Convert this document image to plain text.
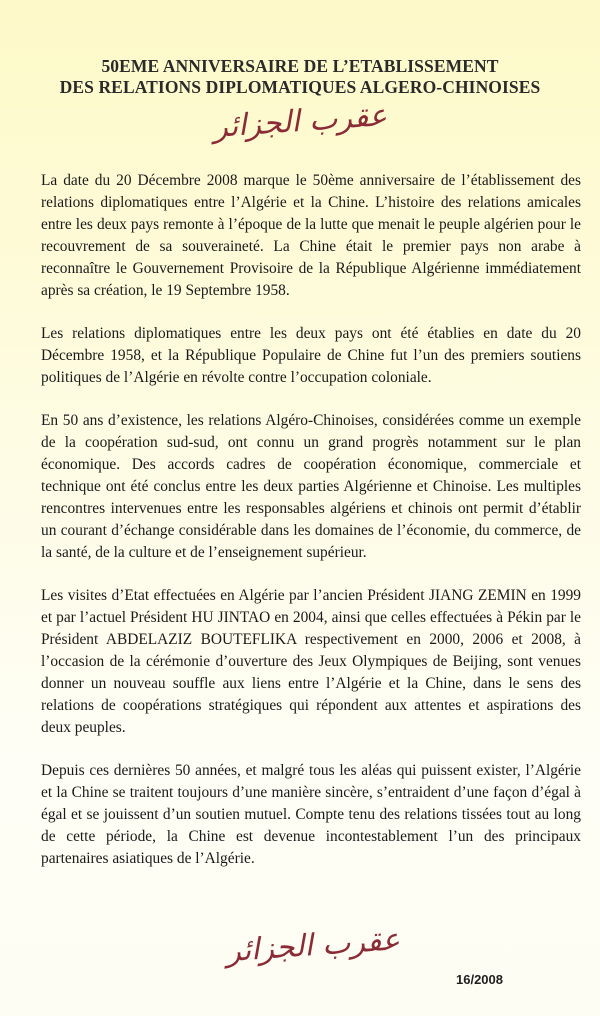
50EME ANNIVERSAIRE DE L’ETABLISSEMENT
DES RELATIONS DIPLOMATIQUES ALGERO-CHINOISES
عقرب الجزائر

La date du 20 Décembre 2008 marque le 50ème anniversaire de l’établissement des relations diplomatiques entre l’Algérie et la Chine. L’histoire des relations amicales entre les deux pays remonte à l’époque de la lutte que menait le peuple algérien pour le recouvrement de sa souveraineté. La Chine était le premier pays non arabe à reconnaître le Gouvernement Provisoire de la République Algérienne immédiatement après sa création, le 19 Septembre 1958.

Les relations diplomatiques entre les deux pays ont été établies en date du 20 Décembre 1958, et la République Populaire de Chine fut l’un des premiers soutiens politiques de l’Algérie en révolte contre l’occupation coloniale.

En 50 ans d’existence, les relations Algéro-Chinoises, considérées comme un exemple de la coopération sud-sud, ont connu un grand progrès notamment sur le plan économique. Des accords cadres de coopération économique, commerciale et technique ont été conclus entre les deux parties Algérienne et Chinoise. Les multiples rencontres intervenues entre les responsables algériens et chinois ont permit d’établir un courant d’échange considérable dans les domaines de l’économie, du commerce, de la santé, de la culture et de l’enseignement supérieur.

Les visites d’Etat effectuées en Algérie par l’ancien Président JIANG ZEMIN en 1999 et par l’actuel Président HU JINTAO en 2004, ainsi que celles effectuées à Pékin par le Président ABDELAZIZ BOUTEFLIKA respectivement en 2000, 2006 et 2008, à l’occasion de la cérémonie d’ouverture des Jeux Olympiques de Beijing, sont venues donner un nouveau souffle aux liens entre l’Algérie et la Chine, dans le sens des relations de coopérations stratégiques qui répondent aux attentes et aspirations des deux peuples.

Depuis ces dernières 50 années, et malgré tous les aléas qui puissent exister, l’Algérie et la Chine se traitent toujours d’une manière sincère, s’entraident d’une façon d’égal à égal et se jouissent d’un soutien mutuel. Compte tenu des relations tissées tout au long de cette période, la Chine est devenue incontestablement l’un des principaux partenaires asiatiques de l’Algérie.

عقرب الجزائر
16/2008
